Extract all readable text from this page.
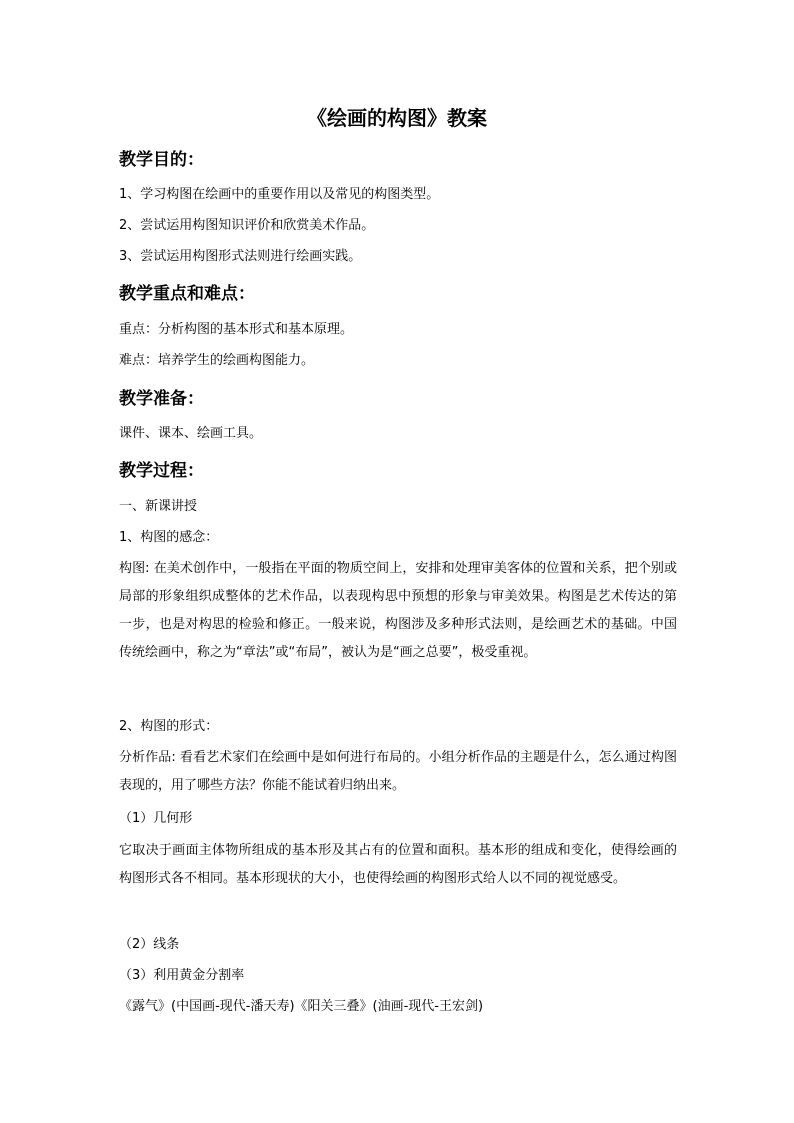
《绘画的构图》教案
教学目的：

1、学习构图在绘画中的重要作用以及常见的构图类型。

2、尝试运用构图知识评价和欣赏美术作品。

3、尝试运用构图形式法则进行绘画实践。

教学重点和难点：

重点：分析构图的基本形式和基本原理。

难点：培养学生的绘画构图能力。

教学准备：

课件、课本、绘画工具。

教学过程：

一、新课讲授

1、构图的感念：

构图: 在美术创作中，一般指在平面的物质空间上，安排和处理审美客体的位置和关系，把个别或局部的形象组织成整体的艺术作品，以表现构思中预想的形象与审美效果。构图是艺术传达的第一步，也是对构思的检验和修正。一般来说，构图涉及多种形式法则，是绘画艺术的基础。中国传统绘画中，称之为“章法”或“布局”，被认为是“画之总要”，极受重视。

2、构图的形式：

分析作品: 看看艺术家们在绘画中是如何进行布局的。小组分析作品的主题是什么，怎么通过构图表现的，用了哪些方法？你能不能试着归纳出来。

（1）几何形

它取决于画面主体物所组成的基本形及其占有的位置和面积。基本形的组成和变化，使得绘画的构图形式各不相同。基本形现状的大小，也使得绘画的构图形式给人以不同的视觉感受。

（2）线条

（3）利用黄金分割率

《露气》(中国画-现代-潘天寿)《阳关三叠》(油画-现代-王宏剑)
